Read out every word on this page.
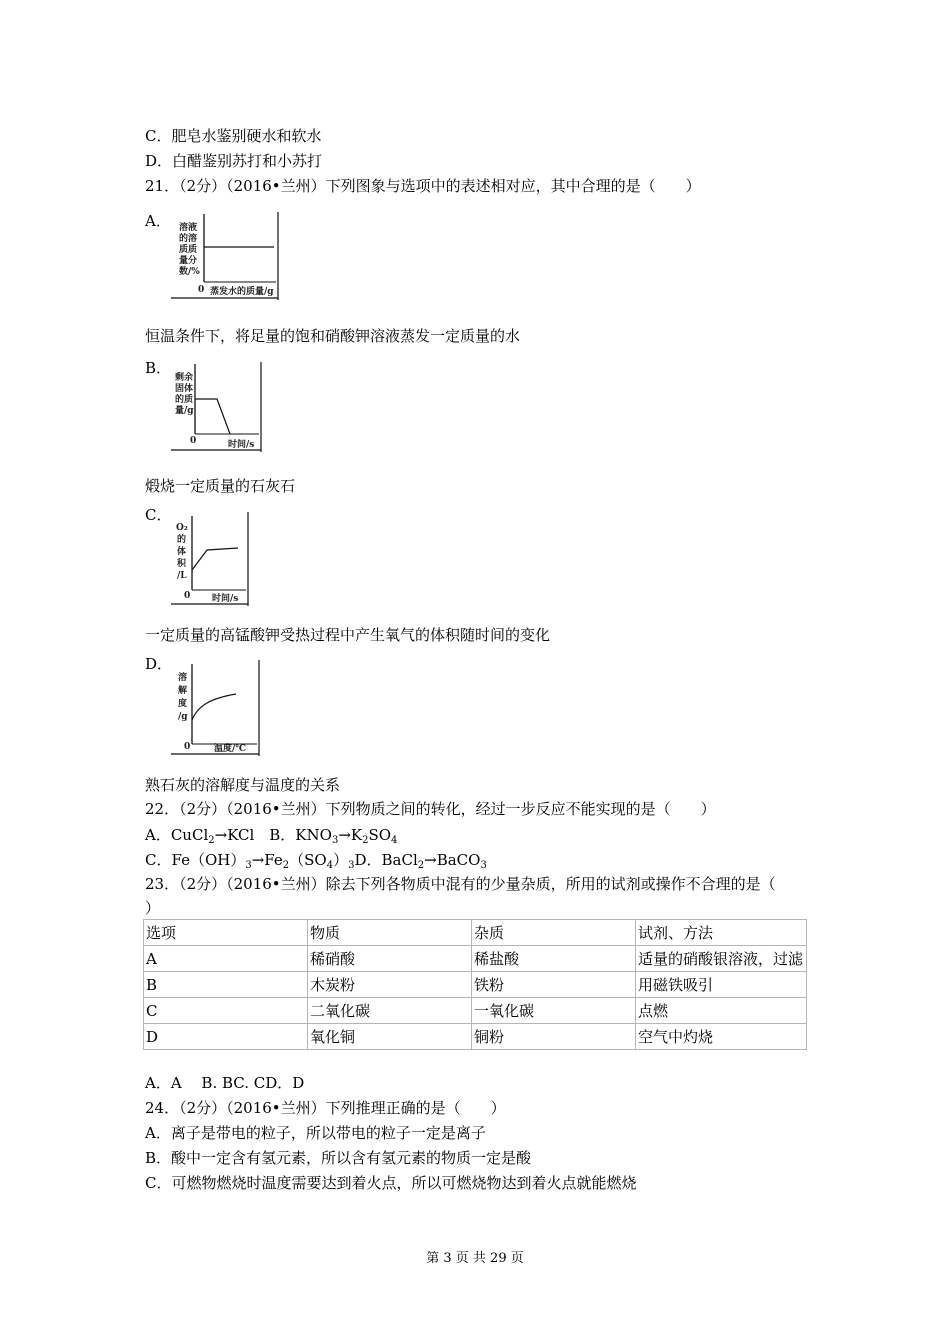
C．肥皂水鉴别硬水和软水
D．白醋鉴别苏打和小苏打
21．（2分）（2016•兰州）下列图象与选项中的表述相对应，其中合理的是（　　）
A． 溶液
的溶
质质
量分
数/%
0 蒸发水的质量/g
恒温条件下，将足量的饱和硝酸钾溶液蒸发一定质量的水
B．
剩余
固体
的质
量/g
0	时间/s
煅烧一定质量的石灰石
C．
O₂
的
体
积
/L
0 时间/s
一定质量的高锰酸钾受热过程中产生氧气的体积随时间的变化
D．
溶
解
度
/g
0	温度/℃
熟石灰的溶解度与温度的关系
22．（2分）（2016•兰州）下列物质之间的转化，经过一步反应不能实现的是（　　）
A．CuCl$_2$→KCl　B．$KNO_3\to K_2SO_4$
C．$Fe(OH)_3\to Fe_2(SO_4)_3D$．BaCl$_2$→BaCO$_3$
23．（2分）（2016•兰州）除去下列各物质中混有的少量杂质，所用的试剂或操作不合理的是（
）
选项	物质	杂质	试剂、方法
A	稀硝酸	稀盐酸	适量的硝酸银溶液，过滤
B	木炭粉	铁粉	用磁铁吸引
C	二氧化碳	一氧化碳	点燃
D	氧化铜	铜粉	空气中灼烧
A．A　 B. BC. CD．D
24．（2分）（2016•兰州）下列推理正确的是（　　）
A．离子是带电的粒子，所以带电的粒子一定是离子
B．酸中一定含有氢元素，所以含有氢元素的物质一定是酸
C．可燃物燃烧时温度需要达到着火点，所以可燃烧物达到着火点就能燃烧
第 3 页 共 29 页
